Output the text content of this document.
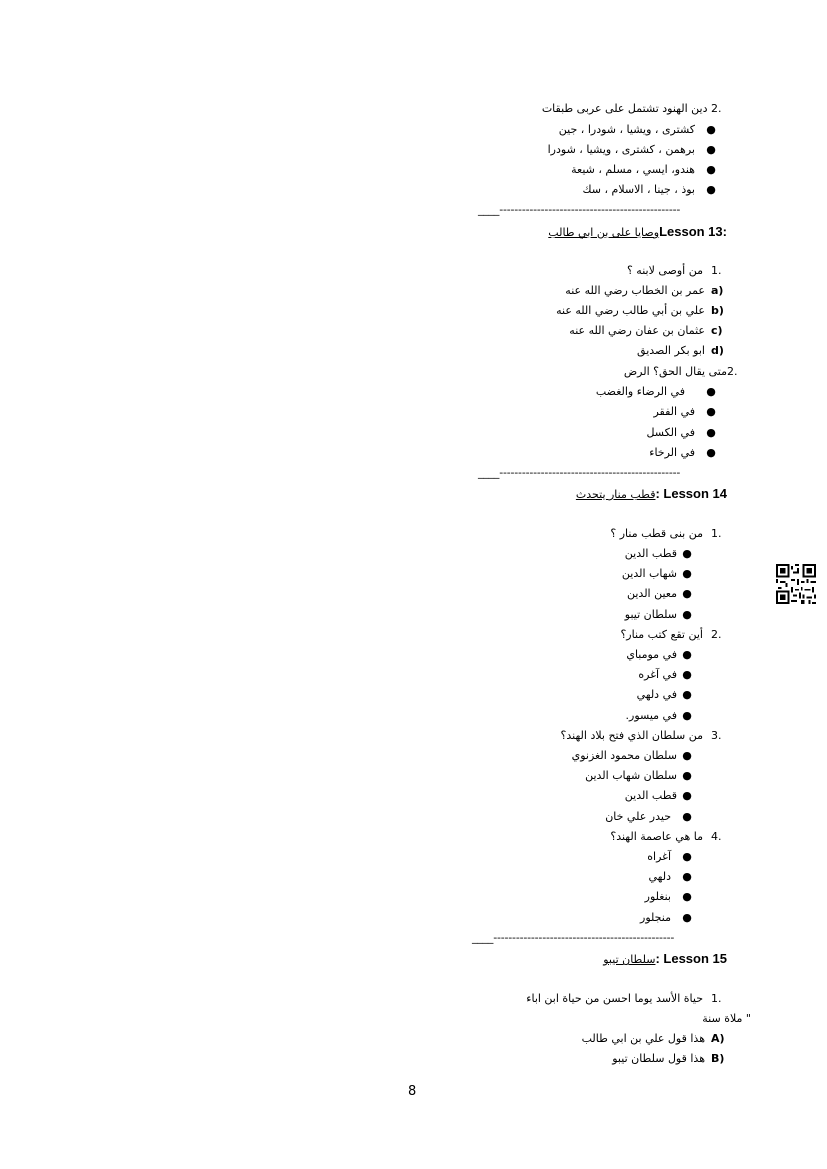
2. دين الهنود تشتمل على عربى طبقات
●كشترى ، ويشيا ، شودرا ، جين
●برهمن ، كشترى ، ويشيا ، شودرا
●هندو، ايسي ، مسلم ، شيعة
●بوذ ، جينا ، الاسلام ، سك
____------------------------------------------------
:Lesson 13وصايا على بن ابي طالب
1.من أوصى لابنه ؟
a)عمر بن الخطاب رضي الله عنه
b)علي بن أبي طالب رضي الله عنه
c)عثمان بن عفان رضي الله عنه
d)ابو بكر الصديق
2.متى يقال الحق؟ الرض
●في الرضاء والغضب
●في الفقر
●في الكسل
●في الرخاء
____------------------------------------------------
Lesson 14 :قطب منار يتحدث
1.من بنى قطب منار ؟
●قطب الدين
●شهاب الدين
●معين الدين
●سلطان تيبو
2.أين تقع كتب منار؟
●في مومباي
●في آغره
●في دلهي
●في ميسور.
3.من سلطان الذي فتح بلاد الهند؟
●سلطان محمود الغزنوي
●سلطان شهاب الدين
●قطب الدين
●حيدر علي خان
4.ما هي عاصمة الهند؟
●آغراه
●دلهي
●بنغلور
●منجلور
____------------------------------------------------
Lesson 15 :سلطان تيبو
1.حياة الأسد يوما احسن من حياة ابن اباء
" ملاة سنة
A)هذا قول علي بن ابي طالب
B)هذا قول سلطان تيبو
8
